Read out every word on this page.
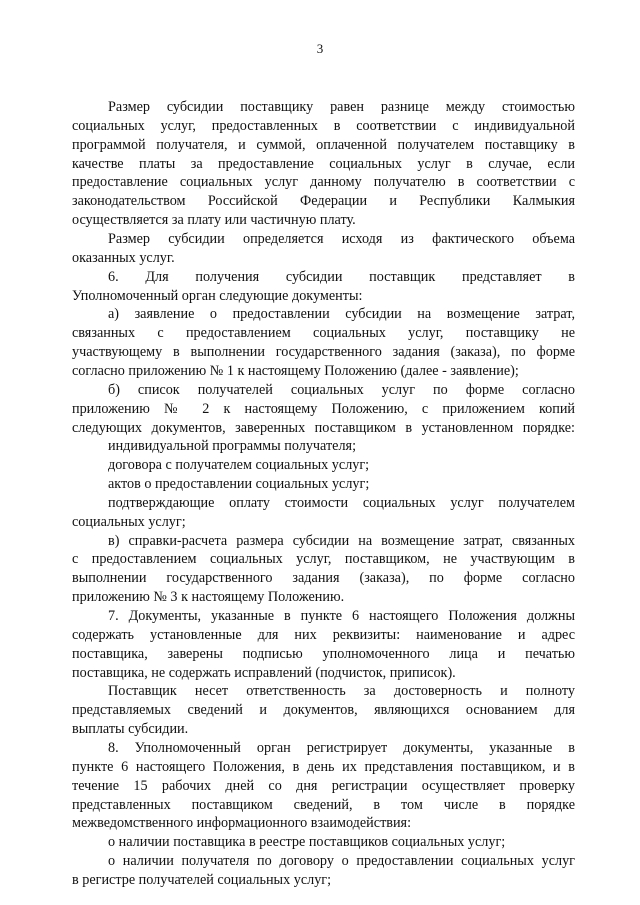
3
Размер субсидии поставщику равен разнице между стоимостью
социальных услуг, предоставленных в соответствии с индивидуальной
программой получателя, и суммой, оплаченной получателем поставщику в
качестве платы за предоставление социальных услуг в случае, если
предоставление социальных услуг данному получателю в соответствии с
законодательством Российской Федерации и Республики Калмыкия
осуществляется за плату или частичную плату.
Размер субсидии определяется исходя из фактического объема
оказанных услуг.
6. Для получения субсидии поставщик представляет в
Уполномоченный орган следующие документы:
а) заявление о предоставлении субсидии на возмещение затрат,
связанных с предоставлением социальных услуг, поставщику не
участвующему в выполнении государственного задания (заказа), по форме
согласно приложению № 1 к настоящему Положению (далее - заявление);
б) список получателей социальных услуг по форме согласно
приложению № 2 к настоящему Положению, с приложением копий
следующих документов, заверенных поставщиком в установленном порядке:
индивидуальной программы получателя;
договора с получателем социальных услуг;
актов о предоставлении социальных услуг;
подтверждающие оплату стоимости социальных услуг получателем
социальных услуг;
в) справки-расчета размера субсидии на возмещение затрат, связанных
с предоставлением социальных услуг, поставщиком, не участвующим в
выполнении государственного задания (заказа), по форме согласно
приложению № 3 к настоящему Положению.
7. Документы, указанные в пункте 6 настоящего Положения должны
содержать установленные для них реквизиты: наименование и адрес
поставщика, заверены подписью уполномоченного лица и печатью
поставщика, не содержать исправлений (подчисток, приписок).
Поставщик несет ответственность за достоверность и полноту
представляемых сведений и документов, являющихся основанием для
выплаты субсидии.
8. Уполномоченный орган регистрирует документы, указанные в
пункте 6 настоящего Положения, в день их представления поставщиком, и в
течение 15 рабочих дней со дня регистрации осуществляет проверку
представленных поставщиком сведений, в том числе в порядке
межведомственного информационного взаимодействия:
о наличии поставщика в реестре поставщиков социальных услуг;
о наличии получателя по договору о предоставлении социальных услуг
в регистре получателей социальных услуг;
